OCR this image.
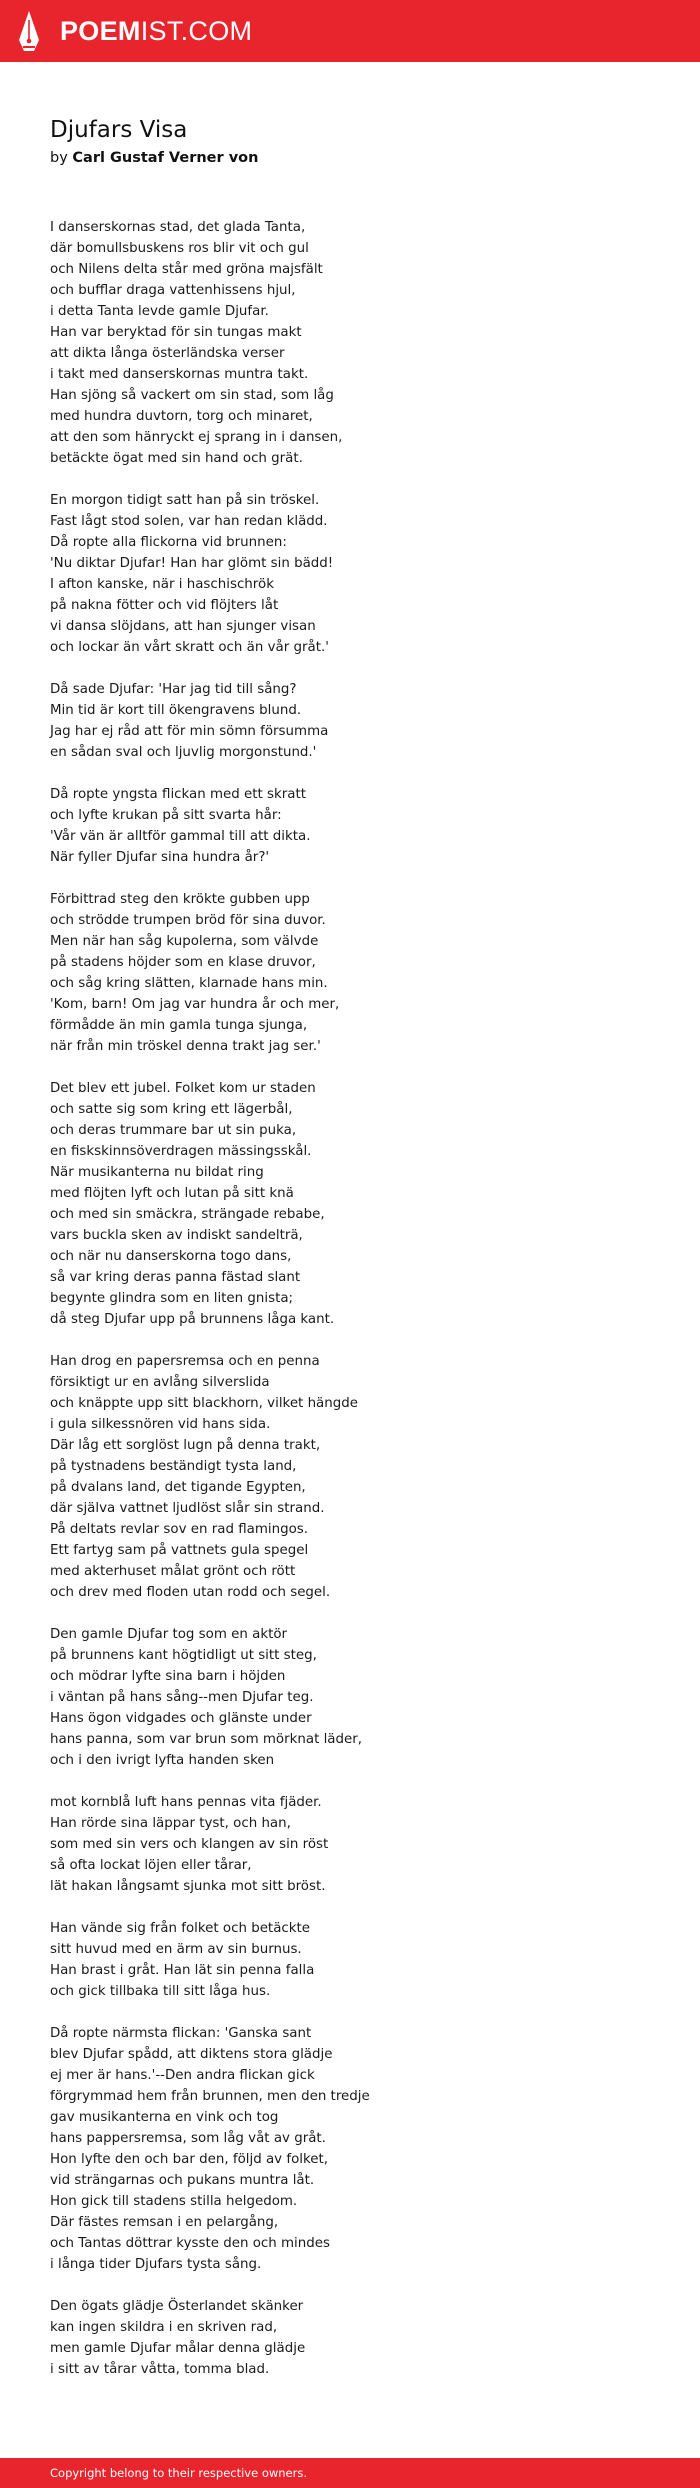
POEMIST.COM
Djufars Visa
by Carl Gustaf Verner von
I danserskornas stad, det glada Tanta,
där bomullsbuskens ros blir vit och gul
och Nilens delta står med gröna majsfält
och bufflar draga vattenhissens hjul,
i detta Tanta levde gamle Djufar.
Han var beryktad för sin tungas makt
att dikta långa österländska verser
i takt med danserskornas muntra takt.
Han sjöng så vackert om sin stad, som låg
med hundra duvtorn, torg och minaret,
att den som hänryckt ej sprang in i dansen,
betäckte ögat med sin hand och grät.
En morgon tidigt satt han på sin tröskel.
Fast lågt stod solen, var han redan klädd.
Då ropte alla flickorna vid brunnen:
'Nu diktar Djufar! Han har glömt sin bädd!
I afton kanske, när i haschischrök
på nakna fötter och vid flöjters låt
vi dansa slöjdans, att han sjunger visan
och lockar än vårt skratt och än vår gråt.'
Då sade Djufar: 'Har jag tid till sång?
Min tid är kort till ökengravens blund.
Jag har ej råd att för min sömn försumma
en sådan sval och ljuvlig morgonstund.'
Då ropte yngsta flickan med ett skratt
och lyfte krukan på sitt svarta hår:
'Vår vän är alltför gammal till att dikta.
När fyller Djufar sina hundra år?'
Förbittrad steg den krökte gubben upp
och strödde trumpen bröd för sina duvor.
Men när han såg kupolerna, som välvde
på stadens höjder som en klase druvor,
och såg kring slätten, klarnade hans min.
'Kom, barn! Om jag var hundra år och mer,
förmådde än min gamla tunga sjunga,
när från min tröskel denna trakt jag ser.'
Det blev ett jubel. Folket kom ur staden
och satte sig som kring ett lägerbål,
och deras trummare bar ut sin puka,
en fiskskinnsöverdragen mässingsskål.
När musikanterna nu bildat ring
med flöjten lyft och lutan på sitt knä
och med sin smäckra, strängade rebabe,
vars buckla sken av indiskt sandelträ,
och när nu danserskorna togo dans,
så var kring deras panna fästad slant
begynte glindra som en liten gnista;
då steg Djufar upp på brunnens låga kant.
Han drog en papersremsa och en penna
försiktigt ur en avlång silverslida
och knäppte upp sitt blackhorn, vilket hängde
i gula silkessnören vid hans sida.
Där låg ett sorglöst lugn på denna trakt,
på tystnadens beständigt tysta land,
på dvalans land, det tigande Egypten,
där själva vattnet ljudlöst slår sin strand.
På deltats revlar sov en rad flamingos.
Ett fartyg sam på vattnets gula spegel
med akterhuset målat grönt och rött
och drev med floden utan rodd och segel.
Den gamle Djufar tog som en aktör
på brunnens kant högtidligt ut sitt steg,
och mödrar lyfte sina barn i höjden
i väntan på hans sång--men Djufar teg.
Hans ögon vidgades och glänste under
hans panna, som var brun som mörknat läder,
och i den ivrigt lyfta handen sken
mot kornblå luft hans pennas vita fjäder.
Han rörde sina läppar tyst, och han,
som med sin vers och klangen av sin röst
så ofta lockat löjen eller tårar,
lät hakan långsamt sjunka mot sitt bröst.
Han vände sig från folket och betäckte
sitt huvud med en ärm av sin burnus.
Han brast i gråt. Han lät sin penna falla
och gick tillbaka till sitt låga hus.
Då ropte närmsta flickan: 'Ganska sant
blev Djufar spådd, att diktens stora glädje
ej mer är hans.'--Den andra flickan gick
förgrymmad hem från brunnen, men den tredje
gav musikanterna en vink och tog
hans pappersremsa, som låg våt av gråt.
Hon lyfte den och bar den, följd av folket,
vid strängarnas och pukans muntra låt.
Hon gick till stadens stilla helgedom.
Där fästes remsan i en pelargång,
och Tantas döttrar kysste den och mindes
i långa tider Djufars tysta sång.
Den ögats glädje Österlandet skänker
kan ingen skildra i en skriven rad,
men gamle Djufar målar denna glädje
i sitt av tårar våtta, tomma blad.
Copyright belong to their respective owners.
